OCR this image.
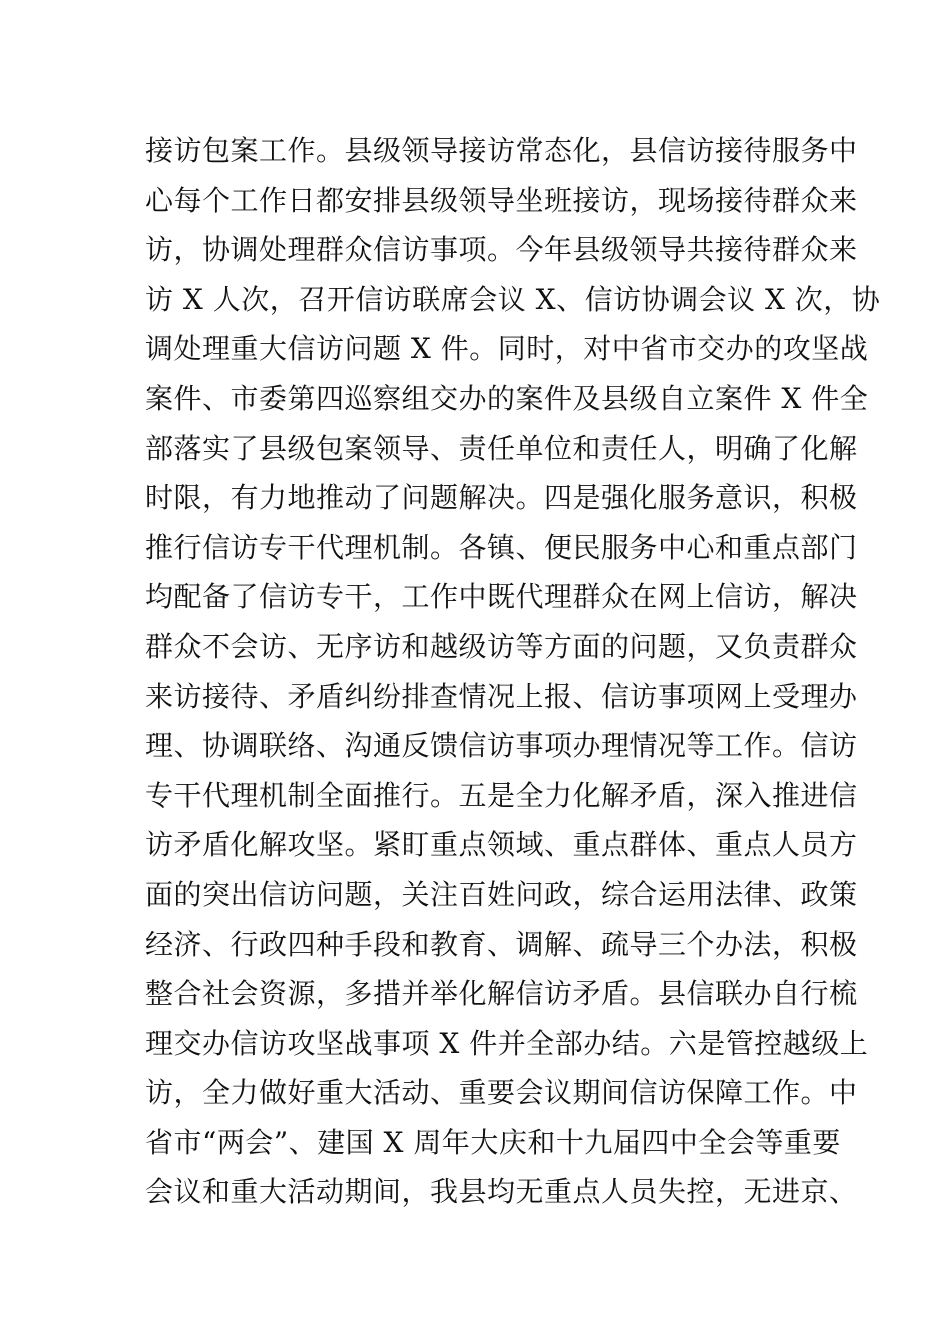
接访包案工作。县级领导接访常态化，县信访接待服务中
心每个工作日都安排县级领导坐班接访，现场接待群众来
访，协调处理群众信访事项。今年县级领导共接待群众来
访 X 人次，召开信访联席会议 X、信访协调会议 X 次，协
调处理重大信访问题 X 件。同时，对中省市交办的攻坚战
案件、市委第四巡察组交办的案件及县级自立案件 X 件全
部落实了县级包案领导、责任单位和责任人，明确了化解
时限，有力地推动了问题解决。四是强化服务意识，积极
推行信访专干代理机制。各镇、便民服务中心和重点部门
均配备了信访专干，工作中既代理群众在网上信访，解决
群众不会访、无序访和越级访等方面的问题，又负责群众
来访接待、矛盾纠纷排查情况上报、信访事项网上受理办
理、协调联络、沟通反馈信访事项办理情况等工作。信访
专干代理机制全面推行。五是全力化解矛盾，深入推进信
访矛盾化解攻坚。紧盯重点领域、重点群体、重点人员方
面的突出信访问题，关注百姓问政，综合运用法律、政策
经济、行政四种手段和教育、调解、疏导三个办法，积极
整合社会资源，多措并举化解信访矛盾。县信联办自行梳
理交办信访攻坚战事项 X 件并全部办结。六是管控越级上
访，全力做好重大活动、重要会议期间信访保障工作。中
省市“两会”、建国 X 周年大庆和十九届四中全会等重要
会议和重大活动期间，我县均无重点人员失控，无进京、
